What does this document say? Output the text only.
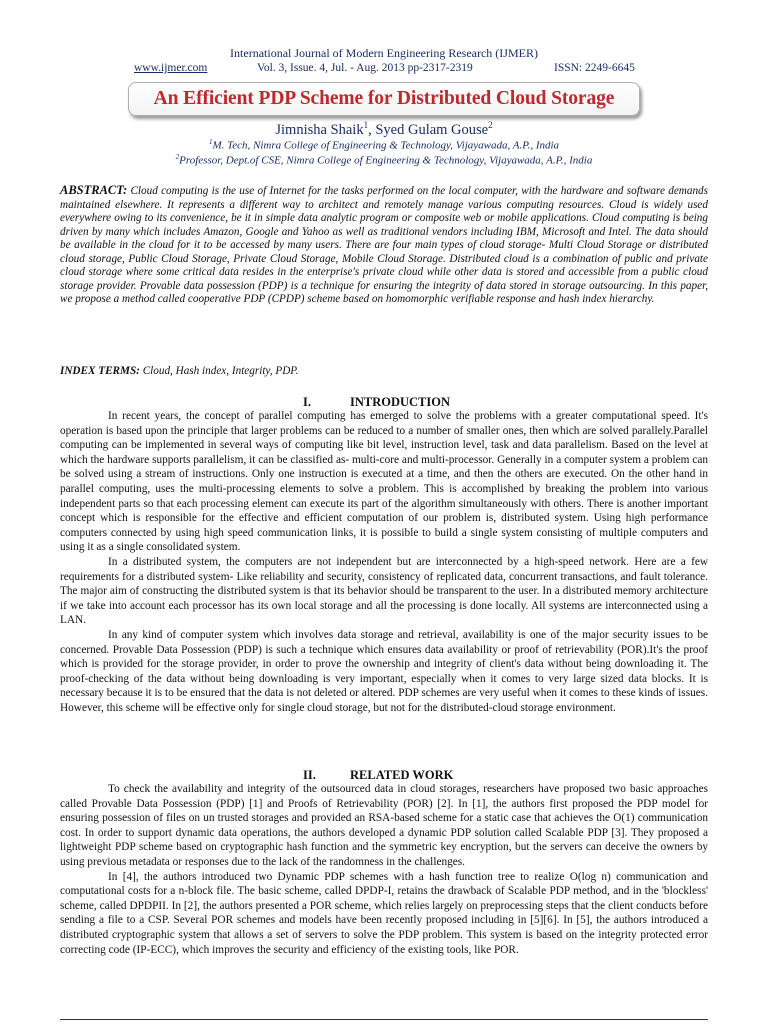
International Journal of Modern Engineering Research (IJMER)
www.ijmer.com	Vol. 3, Issue. 4, Jul. - Aug. 2013 pp-2317-2319	ISSN: 2249-6645
An Efficient PDP Scheme for Distributed Cloud Storage
Jimnisha Shaik$^1$, Syed Gulam Gouse$^2$
$^1$M. Tech, Nimra College of Engineering & Technology, Vijayawada, A.P., India
$^2$Professor, Dept.of CSE, Nimra College of Engineering & Technology, Vijayawada, A.P., India
ABSTRACT: Cloud computing is the use of Internet for the tasks performed on the local computer, with the hardware and software demands maintained elsewhere. It represents a different way to architect and remotely manage various computing resources. Cloud is widely used everywhere owing to its convenience, be it in simple data analytic program or composite web or mobile applications. Cloud computing is being driven by many which includes Amazon, Google and Yahoo as well as traditional vendors including IBM, Microsoft and Intel. The data should be available in the cloud for it to be accessed by many users. There are four main types of cloud storage- Multi Cloud Storage or distributed cloud storage, Public Cloud Storage, Private Cloud Storage, Mobile Cloud Storage. Distributed cloud is a combination of public and private cloud storage where some critical data resides in the enterprise's private cloud while other data is stored and accessible from a public cloud storage provider. Provable data possession (PDP) is a technique for ensuring the integrity of data stored in storage outsourcing. In this paper, we propose a method called cooperative PDP (CPDP) scheme based on homomorphic verifiable response and hash index hierarchy.
INDEX TERMS: Cloud, Hash index, Integrity, PDP.
I.	INTRODUCTION

In recent years, the concept of parallel computing has emerged to solve the problems with a greater computational speed. It's operation is based upon the principle that larger problems can be reduced to a number of smaller ones, then which are solved parallely.Parallel computing can be implemented in several ways of computing like bit level, instruction level, task and data parallelism. Based on the level at which the hardware supports parallelism, it can be classified as- multi-core and multi-processor. Generally in a computer system a problem can be solved using a stream of instructions. Only one instruction is executed at a time, and then the others are executed. On the other hand in parallel computing, uses the multi-processing elements to solve a problem. This is accomplished by breaking the problem into various independent parts so that each processing element can execute its part of the algorithm simultaneously with others. There is another important concept which is responsible for the effective and efficient computation of our problem is, distributed system. Using high performance computers connected by using high speed communication links, it is possible to build a single system consisting of multiple computers and using it as a single consolidated system.

In a distributed system, the computers are not independent but are interconnected by a high-speed network. Here are a few requirements for a distributed system- Like reliability and security, consistency of replicated data, concurrent transactions, and fault tolerance. The major aim of constructing the distributed system is that its behavior should be transparent to the user. In a distributed memory architecture if we take into account each processor has its own local storage and all the processing is done locally. All systems are interconnected using a LAN.

In any kind of computer system which involves data storage and retrieval, availability is one of the major security issues to be concerned. Provable Data Possession (PDP) is such a technique which ensures data availability or proof of retrievability (POR).It's the proof which is provided for the storage provider, in order to prove the ownership and integrity of client's data without being downloading it. The proof-checking of the data without being downloading is very important, especially when it comes to very large sized data blocks. It is necessary because it is to be ensured that the data is not deleted or altered. PDP schemes are very useful when it comes to these kinds of issues. However, this scheme will be effective only for single cloud storage, but not for the distributed-cloud storage environment.

II.	RELATED WORK

To check the availability and integrity of the outsourced data in cloud storages, researchers have proposed two basic approaches called Provable Data Possession (PDP) [1] and Proofs of Retrievability (POR) [2]. In [1], the authors first proposed the PDP model for ensuring possession of files on un trusted storages and provided an RSA-based scheme for a static case that achieves the O(1) communication cost. In order to support dynamic data operations, the authors developed a dynamic PDP solution called Scalable PDP [3]. They proposed a lightweight PDP scheme based on cryptographic hash function and the symmetric key encryption, but the servers can deceive the owners by using previous metadata or responses due to the lack of the randomness in the challenges.

In [4], the authors introduced two Dynamic PDP schemes with a hash function tree to realize O(log n) communication and computational costs for a n-block file. The basic scheme, called DPDP-I, retains the drawback of Scalable PDP method, and in the 'blockless' scheme, called DPDPII. In [2], the authors presented a POR scheme, which relies largely on preprocessing steps that the client conducts before sending a file to a CSP. Several POR schemes and models have been recently proposed including in [5][6]. In [5], the authors introduced a distributed cryptographic system that allows a set of servers to solve the PDP problem. This system is based on the integrity protected error correcting code (IP-ECC), which improves the security and efficiency of the existing tools, like POR.
